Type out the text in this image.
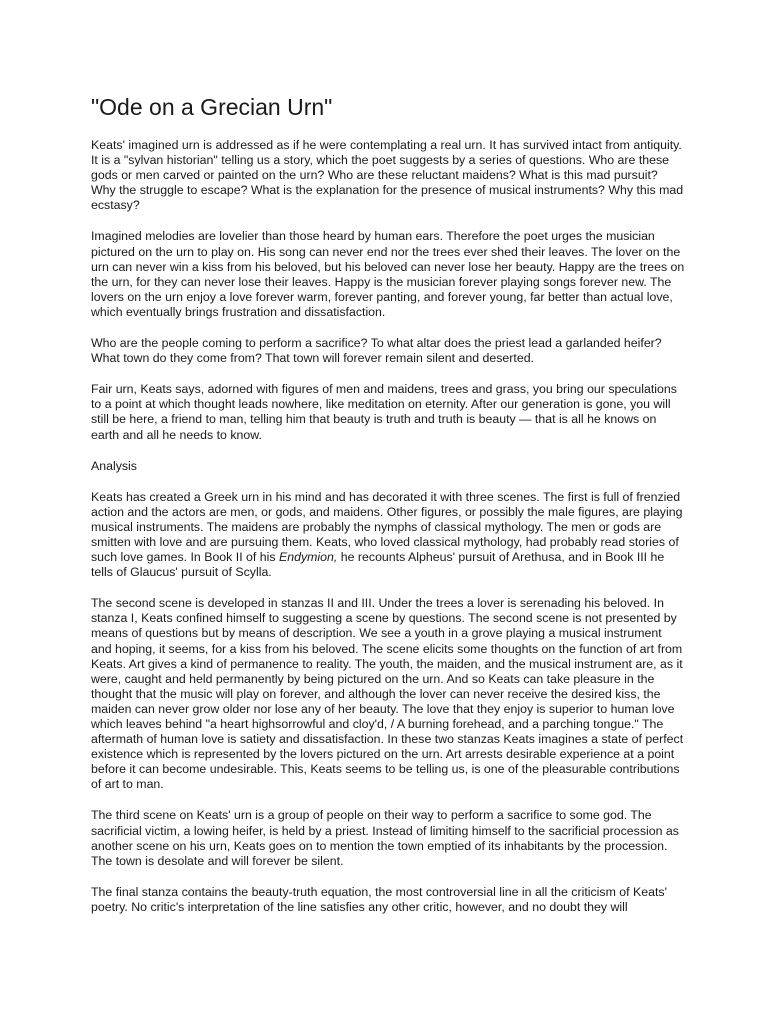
"Ode on a Grecian Urn"

Keats' imagined urn is addressed as if he were contemplating a real urn. It has survived intact from antiquity. It is a "sylvan historian" telling us a story, which the poet suggests by a series of questions. Who are these gods or men carved or painted on the urn? Who are these reluctant maidens? What is this mad pursuit? Why the struggle to escape? What is the explanation for the presence of musical instruments? Why this mad ecstasy?

Imagined melodies are lovelier than those heard by human ears. Therefore the poet urges the musician pictured on the urn to play on. His song can never end nor the trees ever shed their leaves. The lover on the urn can never win a kiss from his beloved, but his beloved can never lose her beauty. Happy are the trees on the urn, for they can never lose their leaves. Happy is the musician forever playing songs forever new. The lovers on the urn enjoy a love forever warm, forever panting, and forever young, far better than actual love, which eventually brings frustration and dissatisfaction.

Who are the people coming to perform a sacrifice? To what altar does the priest lead a garlanded heifer? What town do they come from? That town will forever remain silent and deserted.

Fair urn, Keats says, adorned with figures of men and maidens, trees and grass, you bring our speculations to a point at which thought leads nowhere, like meditation on eternity. After our generation is gone, you will still be here, a friend to man, telling him that beauty is truth and truth is beauty — that is all he knows on earth and all he needs to know.

Analysis

Keats has created a Greek urn in his mind and has decorated it with three scenes. The first is full of frenzied action and the actors are men, or gods, and maidens. Other figures, or possibly the male figures, are playing musical instruments. The maidens are probably the nymphs of classical mythology. The men or gods are smitten with love and are pursuing them. Keats, who loved classical mythology, had probably read stories of such love games. In Book II of his Endymion, he recounts Alpheus' pursuit of Arethusa, and in Book III he tells of Glaucus' pursuit of Scylla.

The second scene is developed in stanzas II and III. Under the trees a lover is serenading his beloved. In stanza I, Keats confined himself to suggesting a scene by questions. The second scene is not presented by means of questions but by means of description. We see a youth in a grove playing a musical instrument and hoping, it seems, for a kiss from his beloved. The scene elicits some thoughts on the function of art from Keats. Art gives a kind of permanence to reality. The youth, the maiden, and the musical instrument are, as it were, caught and held permanently by being pictured on the urn. And so Keats can take pleasure in the thought that the music will play on forever, and although the lover can never receive the desired kiss, the maiden can never grow older nor lose any of her beauty. The love that they enjoy is superior to human love which leaves behind "a heart highsorrowful and cloy'd, / A burning forehead, and a parching tongue." The aftermath of human love is satiety and dissatisfaction. In these two stanzas Keats imagines a state of perfect existence which is represented by the lovers pictured on the urn. Art arrests desirable experience at a point before it can become undesirable. This, Keats seems to be telling us, is one of the pleasurable contributions of art to man.

The third scene on Keats' urn is a group of people on their way to perform a sacrifice to some god. The sacrificial victim, a lowing heifer, is held by a priest. Instead of limiting himself to the sacrificial procession as another scene on his urn, Keats goes on to mention the town emptied of its inhabitants by the procession. The town is desolate and will forever be silent.

The final stanza contains the beauty-truth equation, the most controversial line in all the criticism of Keats' poetry. No critic's interpretation of the line satisfies any other critic, however, and no doubt they will
